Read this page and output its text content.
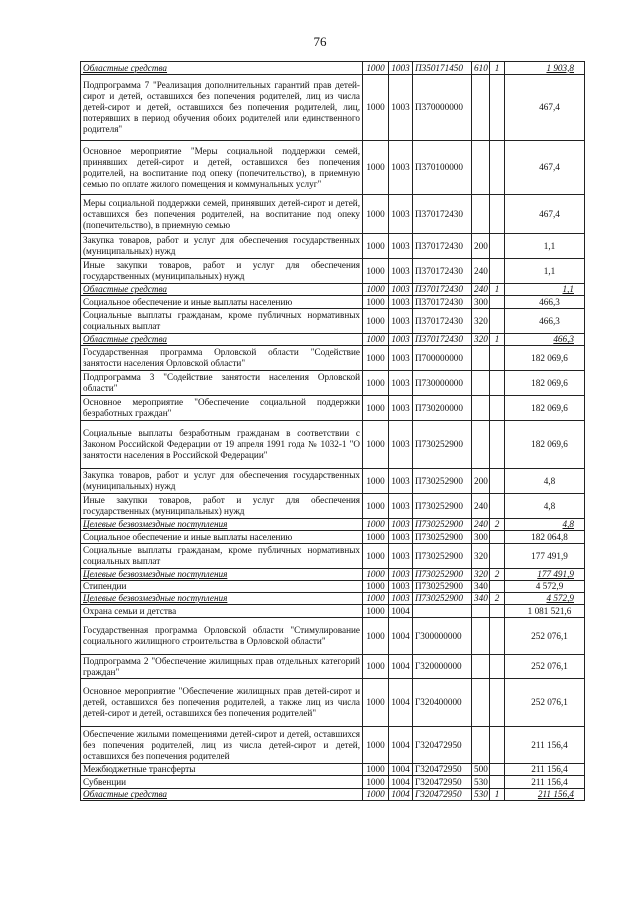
76
Областные средства	1000	1003	П350171450	610	1	1 903,8
Подпрограмма 7 "Реализация дополнительных гарантий прав детей-сирот и детей, оставшихся без попечения родителей, лиц из числа детей-сирот и детей, оставшихся без попечения родителей, лиц, потерявших в период обучения обоих родителей или единственного родителя"	1000	1003	П370000000			467,4
Основное мероприятие "Меры социальной поддержки семей, принявших детей-сирот и детей, оставшихся без попечения родителей, на воспитание под опеку (попечительство), в приемную семью по оплате жилого помещения и коммунальных услуг"	1000	1003	П370100000			467,4
Меры социальной поддержки семей, принявших детей-сирот и детей, оставшихся без попечения родителей, на воспитание под опеку (попечительство), в приемную семью	1000	1003	П370172430			467,4
Закупка товаров, работ и услуг для обеспечения государственных (муниципальных) нужд	1000	1003	П370172430	200		1,1
Иные закупки товаров, работ и услуг для обеспечения государственных (муниципальных) нужд	1000	1003	П370172430	240		1,1
Областные средства	1000	1003	П370172430	240	1	1,1
Социальное обеспечение и иные выплаты населению	1000	1003	П370172430	300		466,3
Социальные выплаты гражданам, кроме публичных нормативных социальных выплат	1000	1003	П370172430	320		466,3
Областные средства	1000	1003	П370172430	320	1	466,3
Государственная программа Орловской области "Содействие занятости населения Орловской области"	1000	1003	П700000000			182 069,6
Подпрограмма 3 "Содействие занятости населения Орловской области"	1000	1003	П730000000			182 069,6
Основное мероприятие "Обеспечение социальной поддержки безработных граждан"	1000	1003	П730200000			182 069,6
Социальные выплаты безработным гражданам в соответствии с Законом Российской Федерации от 19 апреля 1991 года № 1032-1 "О занятости населения в Российской Федерации"	1000	1003	П730252900			182 069,6
Закупка товаров, работ и услуг для обеспечения государственных (муниципальных) нужд	1000	1003	П730252900	200		4,8
Иные закупки товаров, работ и услуг для обеспечения государственных (муниципальных) нужд	1000	1003	П730252900	240		4,8
Целевые безвозмездные поступления	1000	1003	П730252900	240	2	4,8
Социальное обеспечение и иные выплаты населению	1000	1003	П730252900	300		182 064,8
Социальные выплаты гражданам, кроме публичных нормативных социальных выплат	1000	1003	П730252900	320		177 491,9
Целевые безвозмездные поступления	1000	1003	П730252900	320	2	177 491,9
Стипендии	1000	1003	П730252900	340		4 572,9
Целевые безвозмездные поступления	1000	1003	П730252900	340	2	4 572,9
Охрана семьи и детства	1000	1004				1 081 521,6
Государственная программа Орловской области "Стимулирование социального жилищного строительства в Орловской области"	1000	1004	Г300000000			252 076,1
Подпрограмма 2 "Обеспечение жилищных прав отдельных категорий граждан"	1000	1004	Г320000000			252 076,1
Основное мероприятие "Обеспечение жилищных прав детей-сирот и детей, оставшихся без попечения родителей, а также лиц из числа детей-сирот и детей, оставшихся без попечения родителей"	1000	1004	Г320400000			252 076,1
Обеспечение жилыми помещениями детей-сирот и детей, оставшихся без попечения родителей, лиц из числа детей-сирот и детей, оставшихся без попечения родителей	1000	1004	Г320472950			211 156,4
Межбюджетные трансферты	1000	1004	Г320472950	500		211 156,4
Субвенции	1000	1004	Г320472950	530		211 156,4
Областные средства	1000	1004	Г320472950	530	1	211 156,4
